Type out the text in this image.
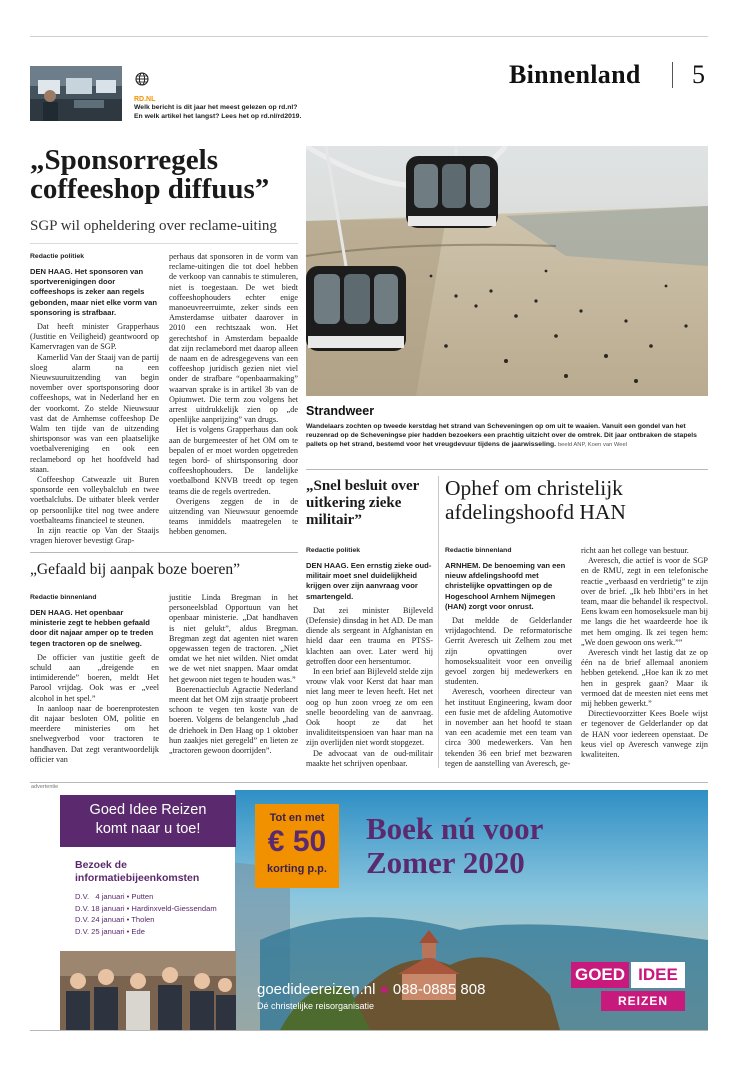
RD.NL
Welk bericht is dit jaar het meest gelezen op rd.nl? En welk artikel het langst? Lees het op rd.nl/rd2019.
Binnenland 5
„Sponsorregels coffeeshop diffuus”
SGP wil opheldering over reclame-uiting
Redactie politiek

DEN HAAG. Het sponsoren van sportverenigingen door coffeeshops is zeker aan regels gebonden, maar niet elke vorm van sponsoring is strafbaar.

Dat heeft minister Grapperhaus (Justitie en Veiligheid) geantwoord op Kamervragen van de SGP.

Kamerlid Van der Staaij van de partij sloeg alarm na een Nieuwsuuruitzending van begin november over sportsponsoring door coffeeshops, wat in Nederland her en der voorkomt. Zo stelde Nieuwsuur vast dat de Arnhemse coffeeshop De Walm ten tijde van de uitzending shirtsponsor was van een plaatselijke voetbalvereniging en ook een reclamebord op het hoofdveld had staan.

Coffeeshop Catweazle uit Buren sponsorde een volleybalclub en twee voetbalclubs. De uitbater bleek verder op persoonlijke titel nog twee andere voetbalteams financieel te steunen.

In zijn reactie op Van der Staaijs vragen hierover bevestigt Grap-

perhaus dat sponsoren in de vorm van reclame-uitingen die tot doel hebben de verkoop van cannabis te stimuleren, niet is toegestaan. De wet biedt coffeeshophouders echter enige manoeuvreerruimte, zeker sinds een Amsterdamse uitbater daarover in 2010 een rechtszaak won. Het gerechtshof in Amsterdam bepaalde dat zijn reclamebord met daarop alleen de naam en de adresgegevens van een coffeeshop juridisch gezien niet viel onder de strafbare “openbaarmaking” waarvan sprake is in artikel 3b van de Opiumwet. Die term zou volgens het arrest uitdrukkelijk zien op „de openlijke aanprijzing” van drugs.

Het is volgens Grapperhaus dan ook aan de burgemeester of het OM om te bepalen of er moet worden opgetreden tegen bord- of shirtsponsoring door coffeeshophouders. De landelijke voetbalbond KNVB treedt op tegen teams die de regels overtreden.

Overigens zeggen de in de uitzending van Nieuwsuur genoemde teams inmiddels maatregelen te hebben genomen.

Strandweer
Wandelaars zochten op tweede kerstdag het strand van Scheveningen op om uit te waaien. Vanuit een gondel van het reuzenrad op de Scheveningse pier hadden bezoekers een prachtig uitzicht over de omtrek. Dit jaar ontbraken de stapels pallets op het strand, bestemd voor het vreugdevuur tijdens de jaarwisseling. beeld ANP, Koen van Weel
„Snel besluit over uitkering zieke militair”
Redactie politiek

DEN HAAG. Een ernstig zieke oud-militair moet snel duidelijkheid krijgen over zijn aanvraag voor smartengeld.

Dat zei minister Bijleveld (Defensie) dinsdag in het AD. De man diende als sergeant in Afghanistan en hield daar een trauma en PTSS-klachten aan over. Later werd hij getroffen door een hersentumor.

In een brief aan Bijleveld stelde zijn vrouw vlak voor Kerst dat haar man niet lang meer te leven heeft. Het net oog op hun zoon vroeg ze om een snelle beoordeling van de aanvraag. Ook hoopt ze dat het invaliditeitspensioen van haar man na zijn overlijden niet wordt stopgezet.

De advocaat van de oud-militair maakte het schrijven openbaar.

Ophef om christelijk afdelingshoofd HAN
Redactie binnenland

ARNHEM. De benoeming van een nieuw afdelingshoofd met christelijke opvattingen op de Hogeschool Arnhem Nijmegen (HAN) zorgt voor onrust.

Dat meldde de Gelderlander vrijdagochtend. De reformatorische Gerrit Averesch uit Zelhem zou met zijn opvattingen over homoseksualiteit voor een onveilig gevoel zorgen bij medewerkers en studenten.

Averesch, voorheen directeur van het instituut Engineering, kwam door een fusie met de afdeling Automotive in november aan het hoofd te staan van een academie met een team van circa 300 medewerkers. Van hen tekenden 36 een brief met bezwaren tegen de aanstelling van Averesch, ge-

richt aan het college van bestuur.

Averesch, die actief is voor de SGP en de RMU, zegt in een telefonische reactie „verbaasd en verdrietig” te zijn over de brief. „Ik heb lhbti’ers in het team, maar die behandel ik respectvol. Eens kwam een homoseksuele man bij me langs die het waardeerde hoe ik met hem omging. Ik zei tegen hem: „We doen gewoon ons werk.””

Averesch vindt het lastig dat ze op één na de brief allemaal anoniem hebben getekend. „Hoe kan ik zo met hen in gesprek gaan? Maar ik vermoed dat de meesten niet eens met mij hebben gewerkt.”

Directievoorzitter Kees Boele wijst er tegenover de Gelderlander op dat de HAN voor iedereen openstaat. De keus viel op Averesch vanwege zijn kwaliteiten.

„Gefaald bij aanpak boze boeren”
Redactie binnenland

DEN HAAG. Het openbaar ministerie zegt te hebben gefaald door dit najaar amper op te treden tegen tractoren op de snelweg.

De officier van justitie geeft de schuld aan „dreigende en intimiderende” boeren, meldt Het Parool vrijdag. Ook was er „veel alcohol in het spel.”

In aanloop naar de boerenprotesten dit najaar besloten OM, politie en meerdere ministeries om het snelwegverbod voor tractoren te handhaven. Dat zegt verantwoordelijk officier van

justitie Linda Bregman in het personeelsblad Opportuun van het openbaar ministerie. „Dat handhaven is niet gelukt”, aldus Bregman. Bregman zegt dat agenten niet waren opgewassen tegen de tractoren. „Niet omdat we het niet wilden. Niet omdat we de wet niet snappen. Maar omdat het gewoon niet tegen te houden was.”

Boerenactieclub Agractie Nederland meent dat het OM zijn straatje probeert schoon te vegen ten koste van de boeren. Volgens de belangenclub „had de driehoek in Den Haag op 1 oktober hun zaakjes niet geregeld” en lieten ze „tractoren gewoon doorrijden”.

advertentie
Goed Idee Reizen
komt naar u toe!
Bezoek de informatiebijeenkomsten
D.V.   4 januari • Putten
D.V. 18 januari • Hardinxveld-Giessendam
D.V. 24 januari • Tholen
D.V. 25 januari • Ede
Tot en met
€ 50
korting p.p.
Boek nú voor
Zomer 2020
goedideereizen.nl ● 088-0885 808
Dé christelijke reisorganisatie
GOED IDEE
REIZEN
